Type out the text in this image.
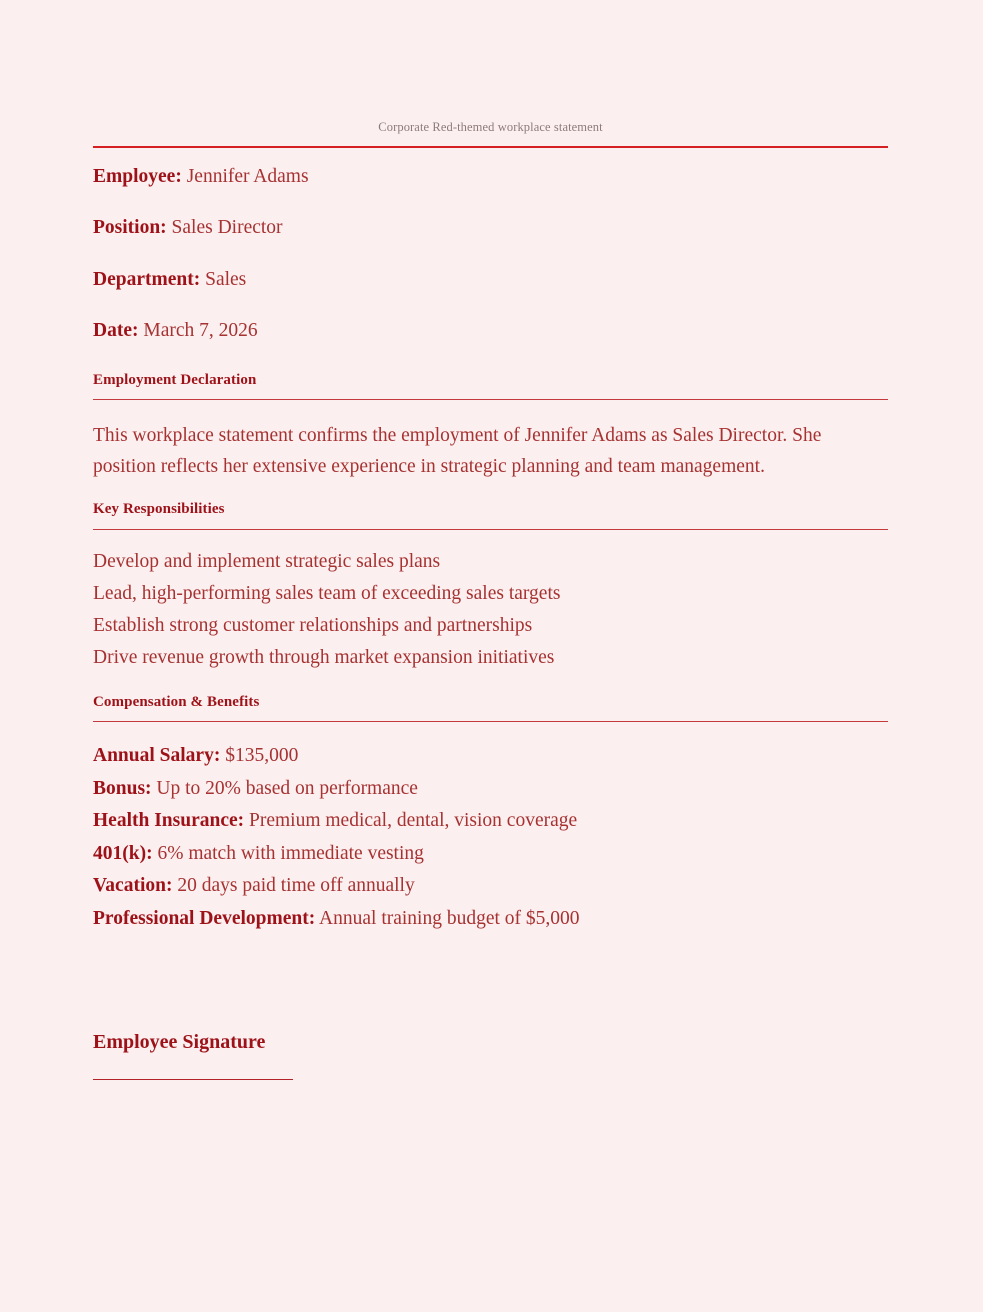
Corporate Red-themed workplace statement

Employee: Jennifer Adams

Position: Sales Director

Department: Sales

Date: March 7, 2026

Employment Declaration

This workplace statement confirms the employment of Jennifer Adams as Sales Director. She position reflects her extensive experience in strategic planning and team management.

Key Responsibilities
Develop and implement strategic sales plans
Lead, high-performing sales team of exceeding sales targets
Establish strong customer relationships and partnerships
Drive revenue growth through market expansion initiatives
Compensation & Benefits
Annual Salary: $135,000
Bonus: Up to 20% based on performance
Health Insurance: Premium medical, dental, vision coverage
401(k): 6% match with immediate vesting
Vacation: 20 days paid time off annually
Professional Development: Annual training budget of $5,000
Employee Signature
